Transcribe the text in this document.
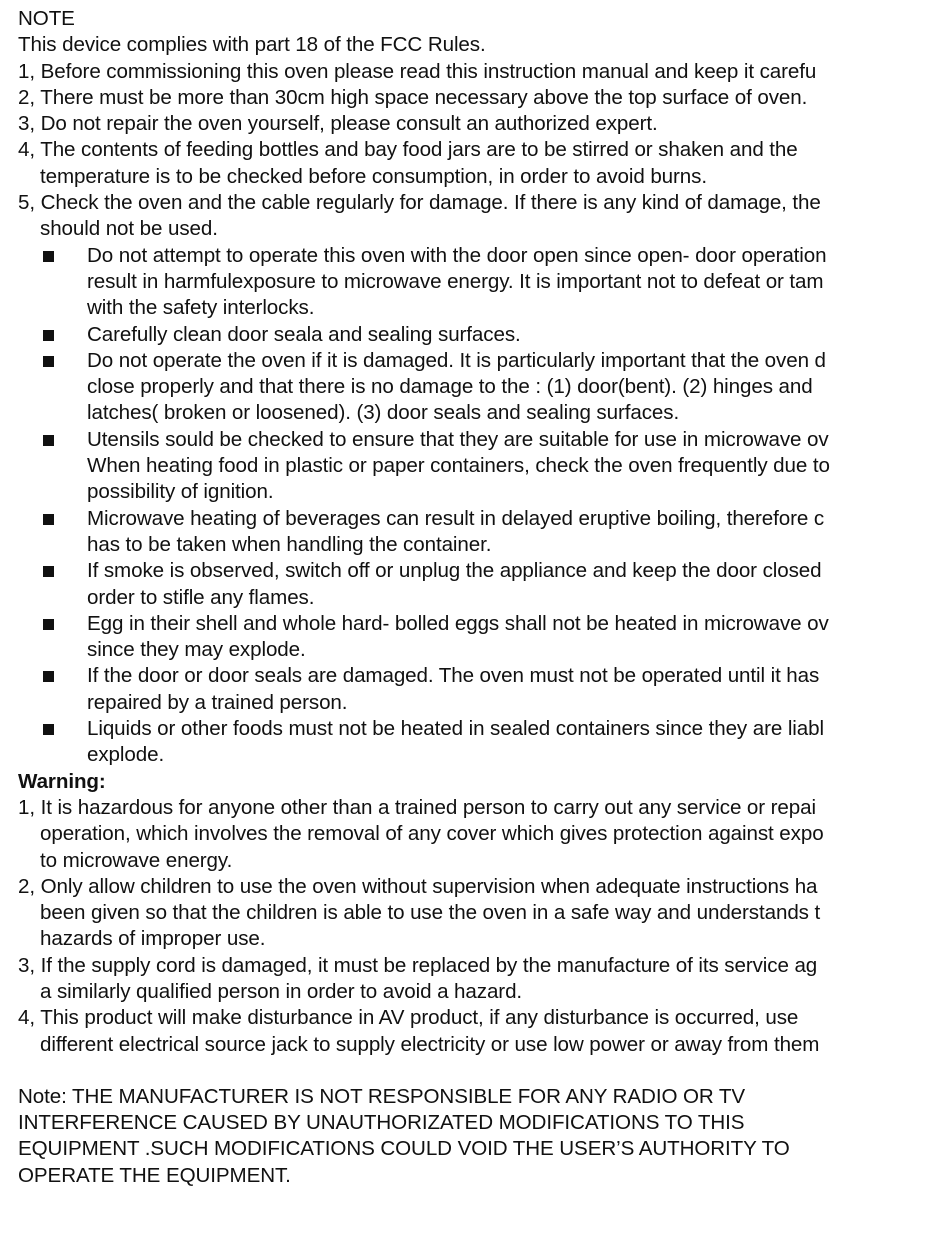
NOTE
This device complies with part 18 of the FCC Rules.
1, Before commissioning this oven please read this instruction manual and keep it carefu
2, There must be more than 30cm high space necessary above the top surface of oven.
3, Do not repair the oven yourself, please consult an authorized expert.
4, The contents of feeding bottles and bay food jars are to be stirred or shaken and the
temperature is to be checked before consumption, in order to avoid burns.
5, Check the oven and the cable regularly for damage. If there is any kind of damage, the
should not be used.
Do not attempt to operate this oven with the door open since open- door operation
result in harmfulexposure to microwave energy. It is important not to defeat or tam
with the safety interlocks.
Carefully clean door seala and sealing surfaces.
Do not operate the oven if it is damaged. It is particularly important that the oven d
close properly and that there is no damage to the : (1) door(bent). (2) hinges and
latches( broken or loosened). (3) door seals and sealing surfaces.
Utensils sould be checked to ensure that they are suitable for use in microwave ov
When heating food in plastic or paper containers, check the oven frequently due to
possibility of ignition.
Microwave heating of beverages can result in delayed eruptive boiling, therefore c
has to be taken when handling the container.
If smoke is observed, switch off or unplug the appliance and keep the door closed
order to stifle any flames.
Egg in their shell and whole hard- bolled eggs shall not be heated in microwave ov
since they may explode.
If the door or door seals are damaged. The oven must not be operated until it has
repaired by a trained person.
Liquids or other foods must not be heated in sealed containers since they are liabl
explode.
Warning:
1, It is hazardous for anyone other than a trained person to carry out any service or repai
operation, which involves the removal of any cover which gives protection against expo
to microwave energy.
2, Only allow children to use the oven without supervision when adequate instructions ha
been given so that the children is able to use the oven in a safe way and understands t
hazards of improper use.
3, If the supply cord is damaged, it must be replaced by the manufacture of its service ag
a similarly qualified person in order to avoid a hazard.
4, This product will make disturbance in AV product, if any disturbance is occurred, use
different electrical source jack to supply electricity or use low power or away from them
Note: THE MANUFACTURER IS NOT RESPONSIBLE FOR ANY RADIO OR TV
INTERFERENCE CAUSED BY UNAUTHORIZATED MODIFICATIONS TO THIS
EQUIPMENT .SUCH MODIFICATIONS COULD VOID THE USER’S AUTHORITY TO
OPERATE THE EQUIPMENT.
